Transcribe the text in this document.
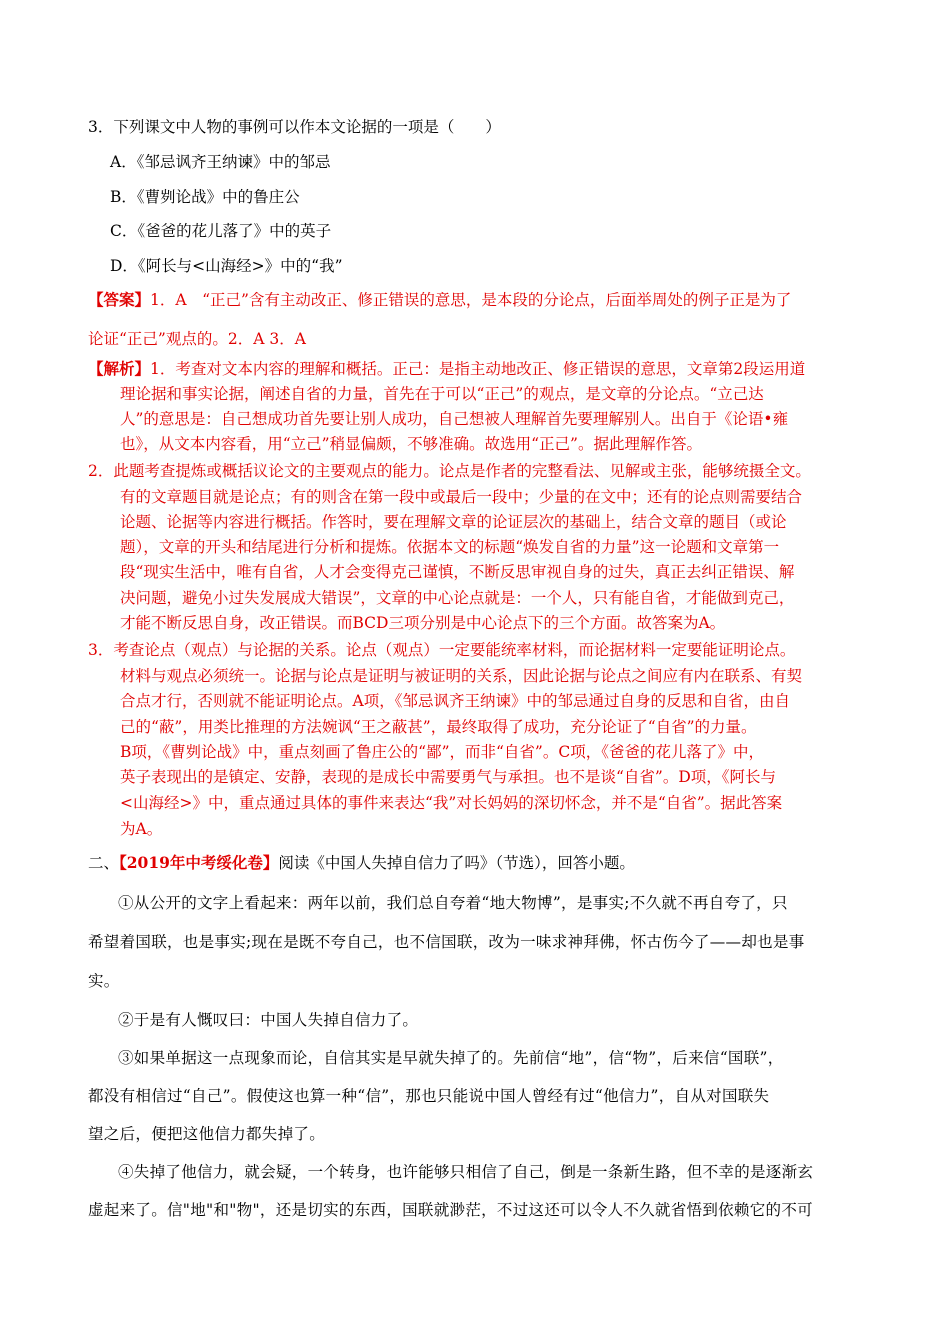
3．下列课文中人物的事例可以作本文论据的一项是（　　）
A．《邹忌讽齐王纳谏》中的邹忌
B．《曹刿论战》中的鲁庄公
C．《爸爸的花儿落了》中的英子
D．《阿长与<山海经>》中的“我”
【答案】1．A　“正己”含有主动改正、修正错误的意思，是本段的分论点，后面举周处的例子正是为了
论证“正己”观点的。2．A 3．A
【解析】1．考查对文本内容的理解和概括。正己：是指主动地改正、修正错误的意思，文章第2段运用道
理论据和事实论据，阐述自省的力量，首先在于可以“正己”的观点，是文章的分论点。“立己达
人”的意思是：自己想成功首先要让别人成功，自己想被人理解首先要理解别人。出自于《论语•雍
也》，从文本内容看，用“立己”稍显偏颇，不够准确。故选用“正己”。据此理解作答。
2．此题考查提炼或概括议论文的主要观点的能力。论点是作者的完整看法、见解或主张，能够统摄全文。
有的文章题目就是论点；有的则含在第一段中或最后一段中；少量的在文中；还有的论点则需要结合
论题、论据等内容进行概括。作答时，要在理解文章的论证层次的基础上，结合文章的题目（或论
题），文章的开头和结尾进行分析和提炼。依据本文的标题“焕发自省的力量”这一论题和文章第一
段“现实生活中，唯有自省，人才会变得克己谨慎，不断反思审视自身的过失，真正去纠正错误、解
决问题，避免小过失发展成大错误”，文章的中心论点就是：一个人，只有能自省，才能做到克己，
才能不断反思自身，改正错误。而BCD三项分别是中心论点下的三个方面。故答案为A。
3．考查论点（观点）与论据的关系。论点（观点）一定要能统率材料，而论据材料一定要能证明论点。
材料与观点必须统一。论据与论点是证明与被证明的关系，因此论据与论点之间应有内在联系、有契
合点才行，否则就不能证明论点。A项，《邹忌讽齐王纳谏》中的邹忌通过自身的反思和自省，由自
己的“蔽”，用类比推理的方法婉讽“王之蔽甚”，最终取得了成功，充分论证了“自省”的力量。
B项，《曹刿论战》中，重点刻画了鲁庄公的“鄙”，而非“自省”。C项，《爸爸的花儿落了》中，
英子表现出的是镇定、安静，表现的是成长中需要勇气与承担。也不是谈“自省”。D项，《阿长与
<山海经>》中，重点通过具体的事件来表达“我”对长妈妈的深切怀念，并不是“自省”。据此答案
为A。
二、【2019年中考绥化卷】阅读《中国人失掉自信力了吗》（节选），回答小题。
①从公开的文字上看起来：两年以前，我们总自夸着“地大物博”，是事实;不久就不再自夸了，只
希望着国联，也是事实;现在是既不夸自己，也不信国联，改为一味求神拜佛，怀古伤今了——却也是事
实。
②于是有人慨叹曰：中国人失掉自信力了。
③如果单据这一点现象而论，自信其实是早就失掉了的。先前信“地”，信“物”，后来信“国联”，
都没有相信过“自己”。假使这也算一种“信”，那也只能说中国人曾经有过“他信力”，自从对国联失
望之后，便把这他信力都失掉了。
④失掉了他信力，就会疑，一个转身，也许能够只相信了自己，倒是一条新生路，但不幸的是逐渐玄
虚起来了。信"地"和"物"，还是切实的东西，国联就渺茫，不过这还可以令人不久就省悟到依赖它的不可
